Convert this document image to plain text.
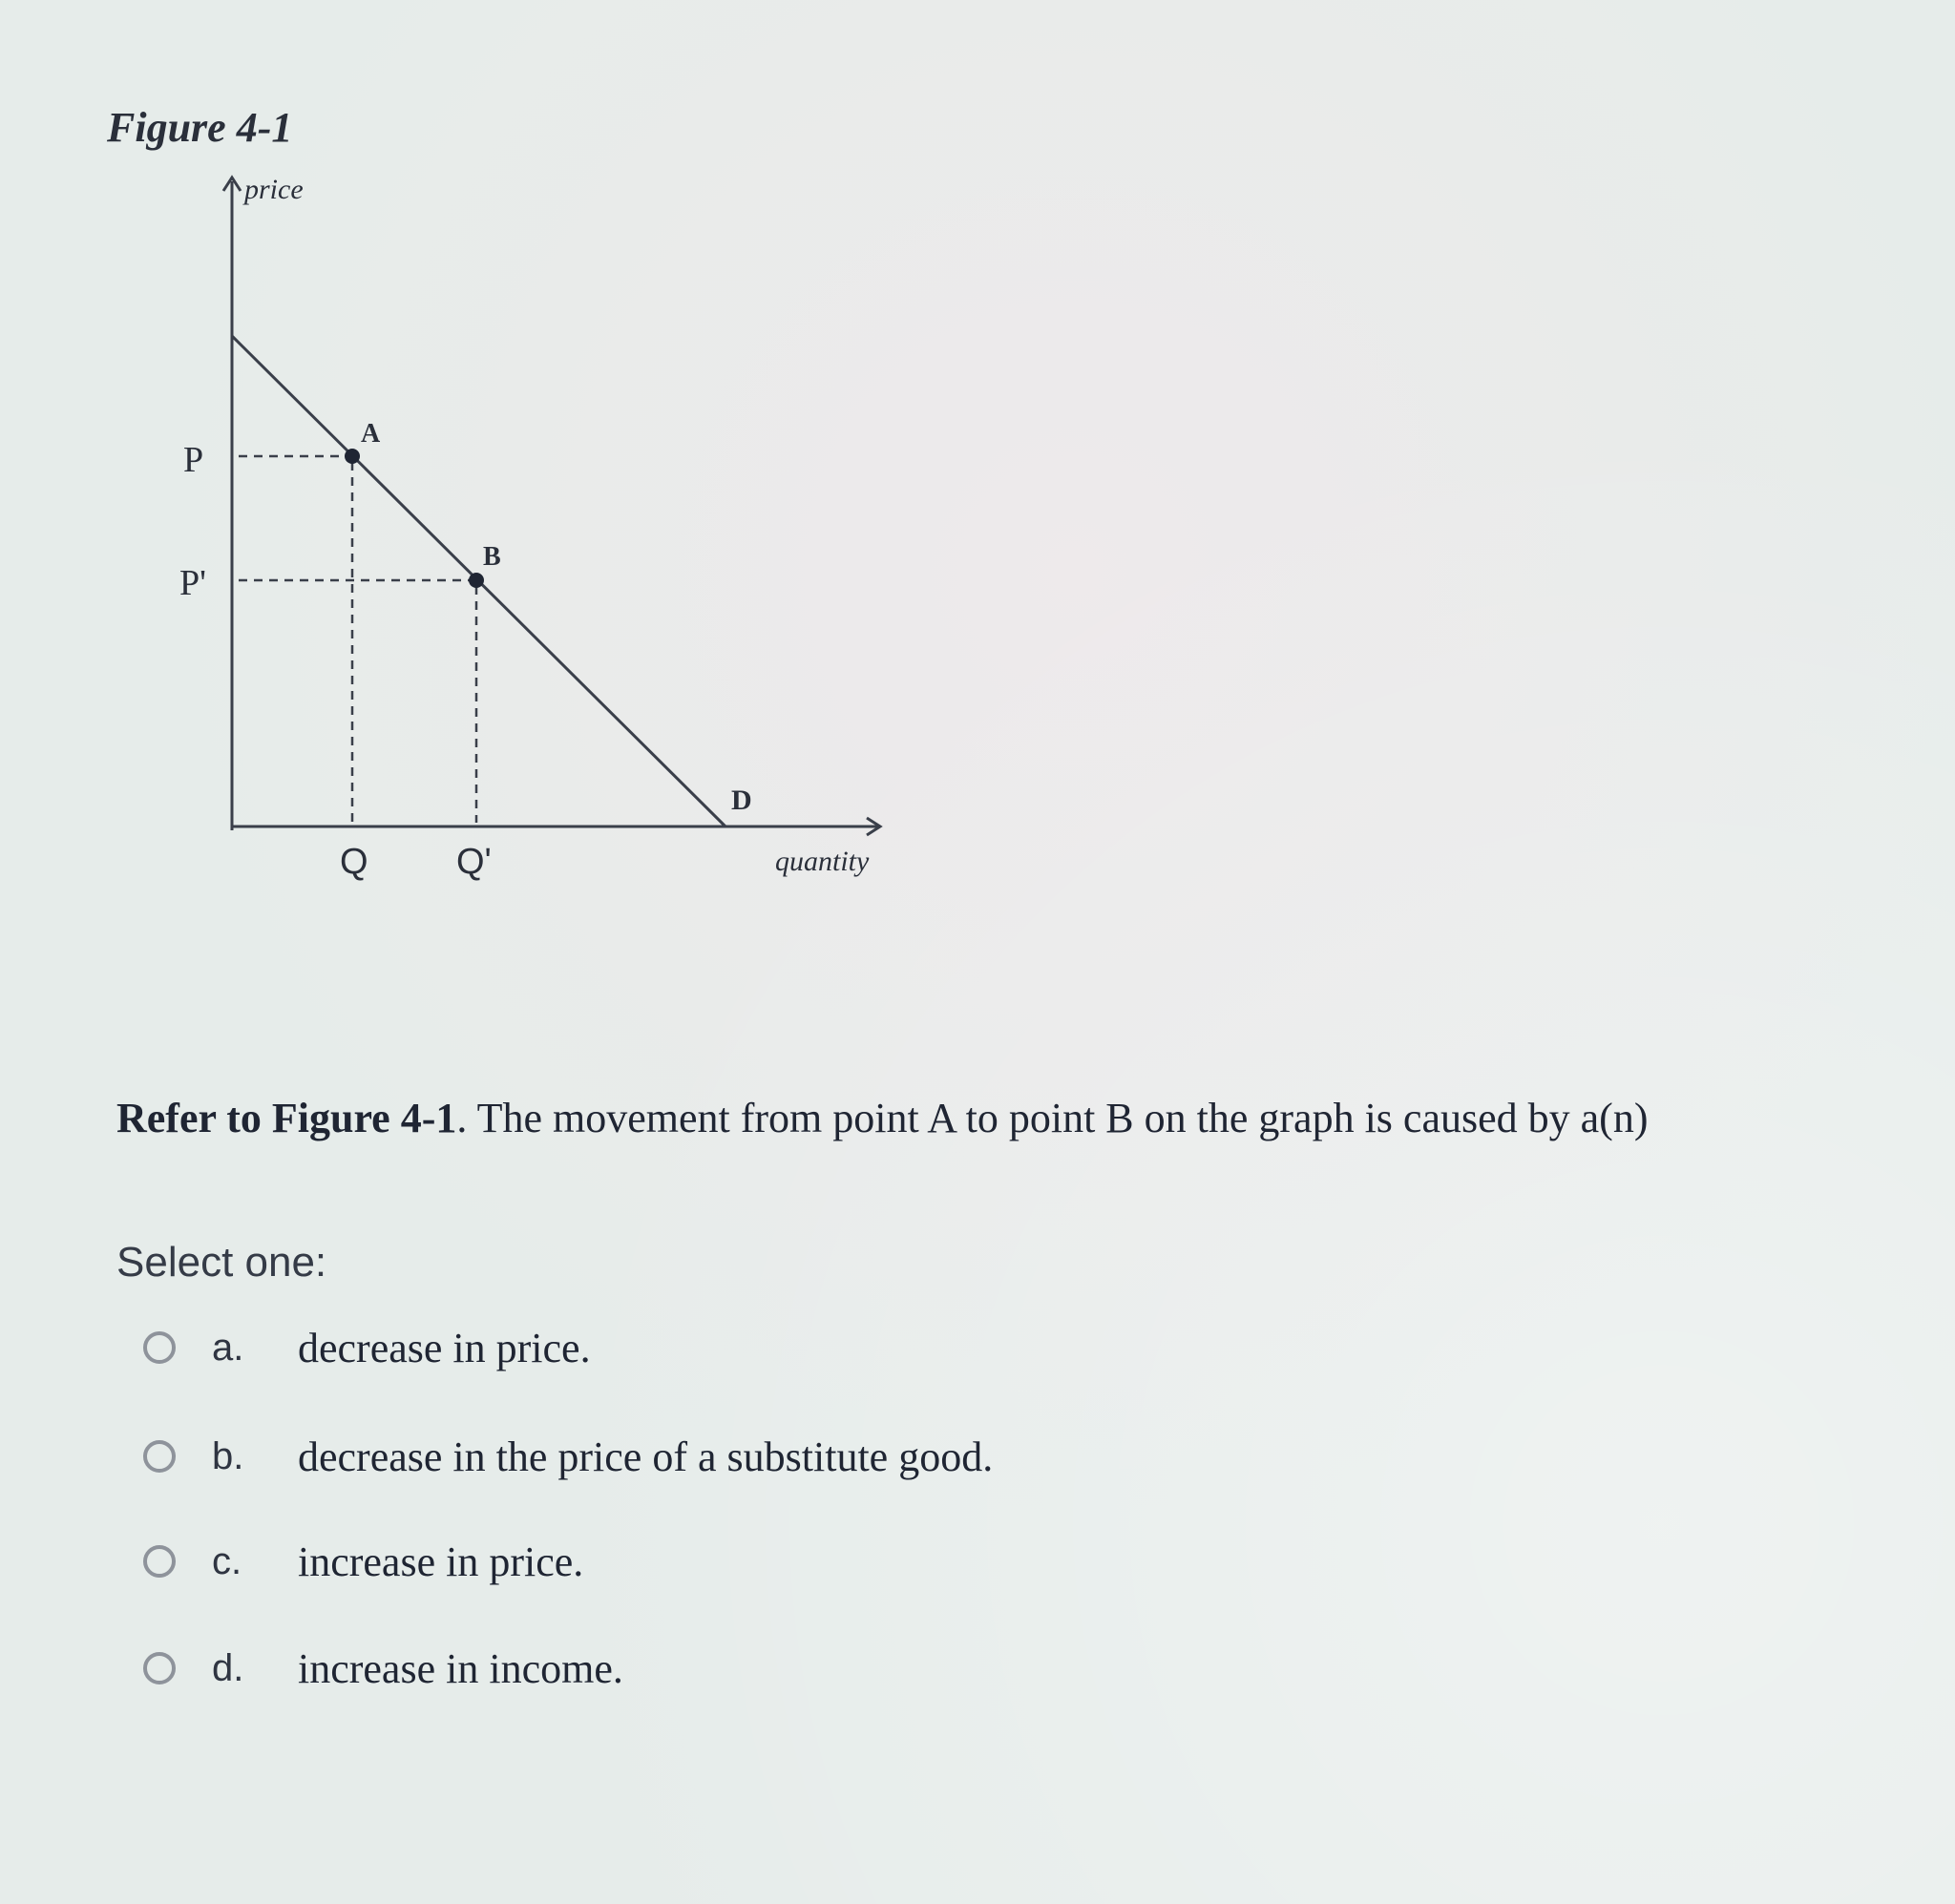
Figure 4-1
price
quantity
P
P'
Q Q'
A
B
D

Refer to Figure 4-1. The movement from point A to point B on the graph is caused by a(n)

Select one:

a.	decrease in price.
b.	decrease in the price of a substitute good.
c.	increase in price.
d.	increase in income.
